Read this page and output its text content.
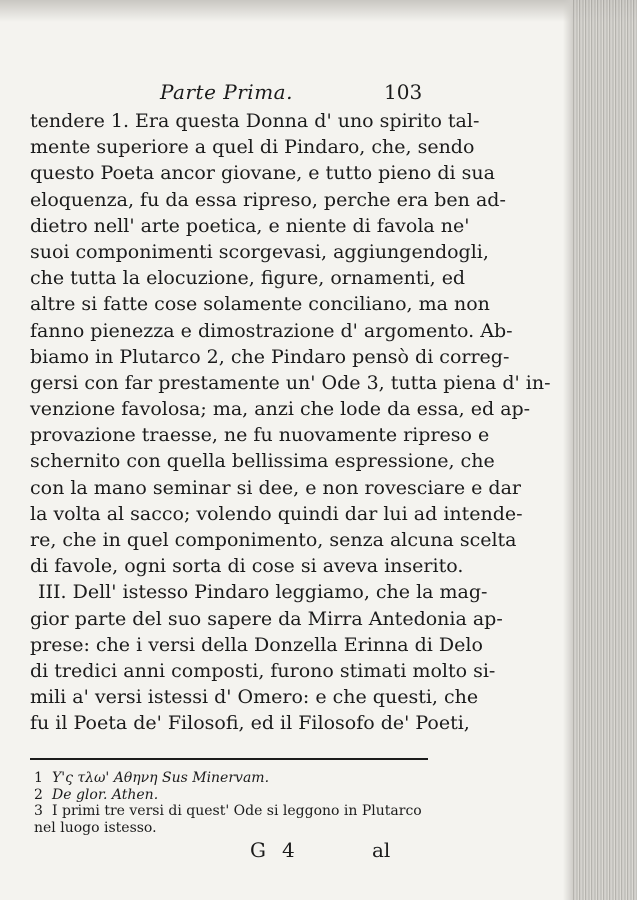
Parte Prima.	103
tendere 1. Era questa Donna d' uno spirito tal-
mente superiore a quel di Pindaro, che, sendo
questo Poeta ancor giovane, e tutto pieno di sua
eloquenza, fu da essa ripreso, perche era ben ad-
dietro nell' arte poetica, e niente di favola ne'
suoi componimenti scorgevasi, aggiungendogli,
che tutta la elocuzione, figure, ornamenti, ed
altre si fatte cose solamente conciliano, ma non
fanno pienezza e dimostrazione d' argomento. Ab-
biamo in Plutarco 2, che Pindaro pensò di correg-
gersi con far prestamente un' Ode 3, tutta piena d' in-
venzione favolosa; ma, anzi che lode da essa, ed ap-
provazione traesse, ne fu nuovamente ripreso e
schernito con quella bellissima espressione, che
con la mano seminar si dee, e non rovesciare e dar
la volta al sacco; volendo quindi dar lui ad intende-
re, che in quel componimento, senza alcuna scelta
di favole, ogni sorta di cose si aveva inserito.
III. Dell' istesso Pindaro leggiamo, che la mag-
gior parte del suo sapere da Mirra Antedonia ap-
prese: che i versi della Donzella Erinna di Delo
di tredici anni composti, furono stimati molto si-
mili a' versi istessi d' Omero: e che questi, che
fu il Poeta de' Filosofi, ed il Filosofo de' Poeti,
1 Υ'ς τλω' Αθηνη Sus Minervam.
2 De glor. Athen.
3 I primi tre versi di quest' Ode si leggono in Plutarco
nel luogo istesso.
G 4	al
